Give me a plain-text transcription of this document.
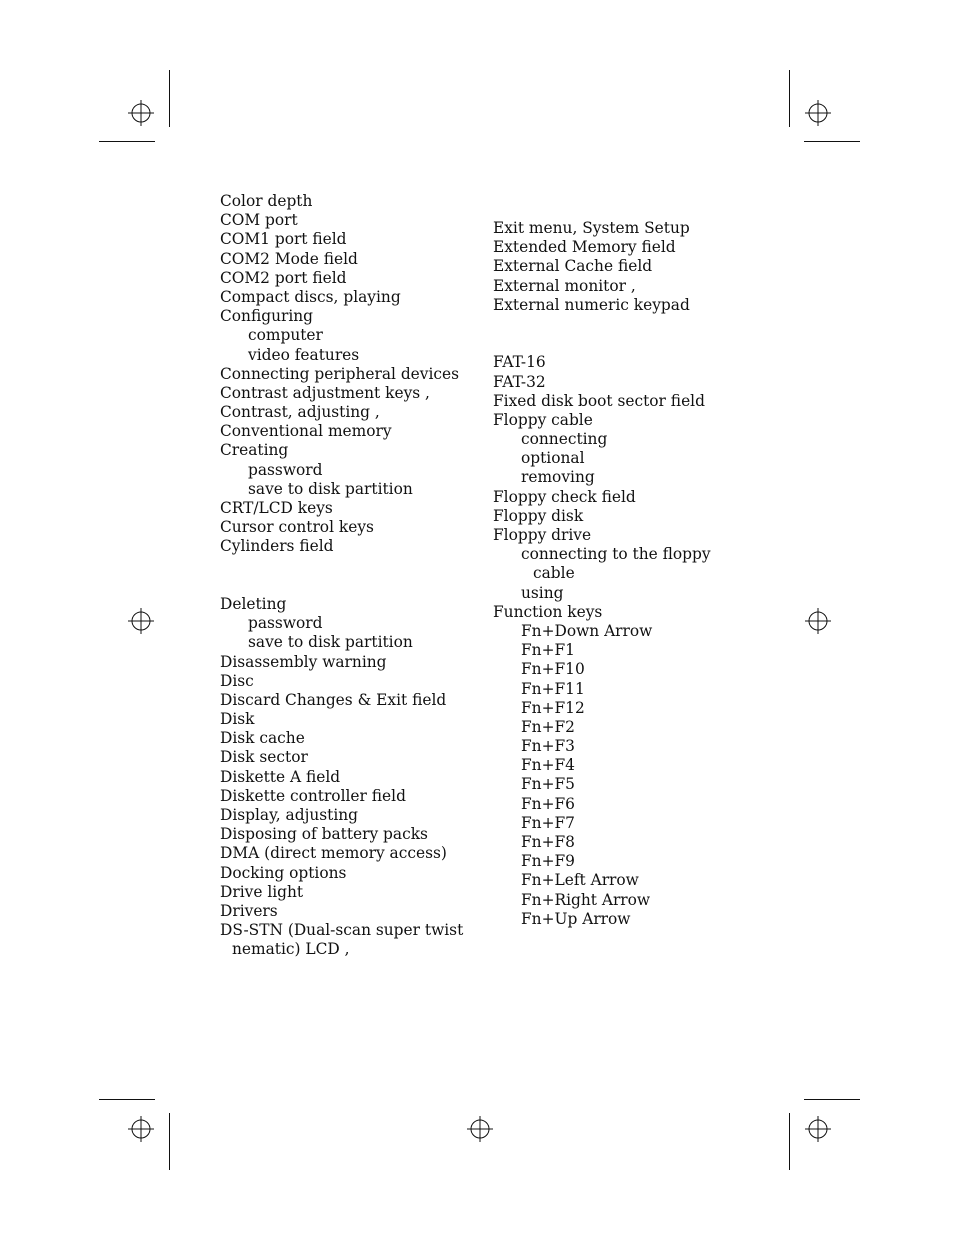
Color depth
COM port
COM1 port field
COM2 Mode field
COM2 port field
Compact discs, playing
Configuring
computer
video features
Connecting peripheral devices
Contrast adjustment keys ,
Contrast, adjusting ,
Conventional memory
Creating
password
save to disk partition
CRT/LCD keys
Cursor control keys
Cylinders field
Deleting
password
save to disk partition
Disassembly warning
Disc
Discard Changes & Exit field
Disk
Disk cache
Disk sector
Diskette A field
Diskette controller field
Display, adjusting
Disposing of battery packs
DMA (direct memory access)
Docking options
Drive light
Drivers
DS-STN (Dual-scan super twist
nematic) LCD ,
Exit menu, System Setup
Extended Memory field
External Cache field
External monitor ,
External numeric keypad
FAT-16
FAT-32
Fixed disk boot sector field
Floppy cable
connecting
optional
removing
Floppy check field
Floppy disk
Floppy drive
connecting to the floppy
cable
using
Function keys
Fn+Down Arrow
Fn+F1
Fn+F10
Fn+F11
Fn+F12
Fn+F2
Fn+F3
Fn+F4
Fn+F5
Fn+F6
Fn+F7
Fn+F8
Fn+F9
Fn+Left Arrow
Fn+Right Arrow
Fn+Up Arrow
